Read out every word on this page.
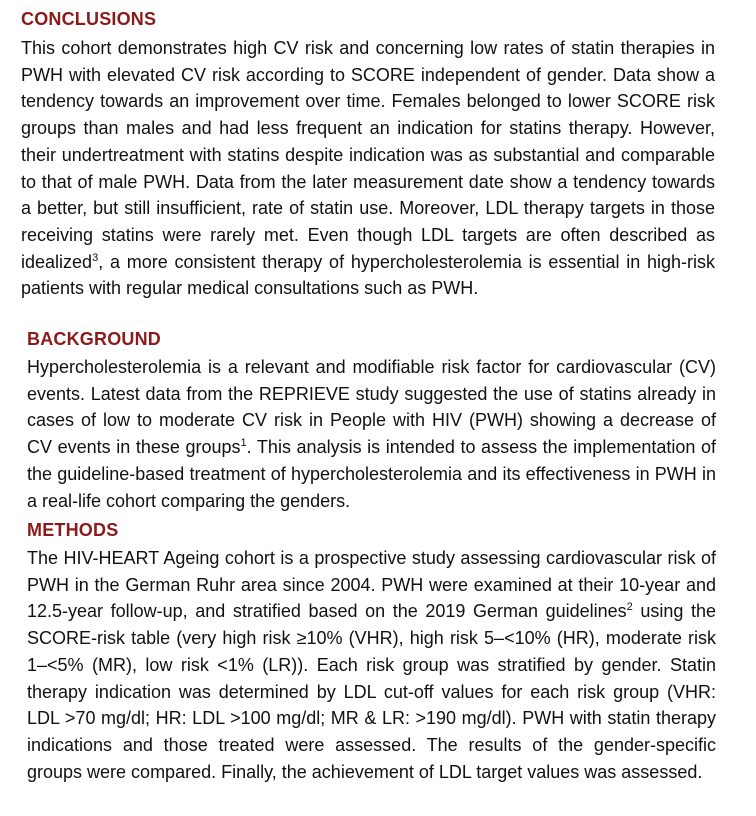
CONCLUSIONS

This cohort demonstrates high CV risk and concerning low rates of statin therapies in PWH with elevated CV risk according to SCORE independent of gender. Data show a tendency towards an improvement over time. Females belonged to lower SCORE risk groups than males and had less frequent an indication for statins therapy. However, their undertreatment with statins despite indication was as substantial and comparable to that of male PWH. Data from the later measurement date show a tendency towards a better, but still insufficient, rate of statin use. Moreover, LDL therapy targets in those receiving statins were rarely met. Even though LDL targets are often described as idealized$^3$, a more consistent therapy of hypercholesterolemia is essential in high-risk patients with regular medical consultations such as PWH.

BACKGROUND

Hypercholesterolemia is a relevant and modifiable risk factor for cardiovascular (CV) events. Latest data from the REPRIEVE study suggested the use of statins already in cases of low to moderate CV risk in People with HIV (PWH) showing a decrease of CV events in these groups$^1$. This analysis is intended to assess the implementation of the guideline-based treatment of hypercholesterolemia and its effectiveness in PWH in a real-life cohort comparing the genders.

METHODS

The HIV-HEART Ageing cohort is a prospective study assessing cardiovascular risk of PWH in the German Ruhr area since 2004. PWH were examined at their 10-year and 12.5-year follow-up, and stratified based on the 2019 German guidelines$^2$ using the SCORE-risk table (very high risk ≥10% (VHR), high risk 5–<10% (HR), moderate risk 1–<5% (MR), low risk <1% (LR)). Each risk group was stratified by gender. Statin therapy indication was determined by LDL cut-off values for each risk group (VHR: LDL >70 mg/dl; HR: LDL >100 mg/dl; MR & LR: >190 mg/dl). PWH with statin therapy indications and those treated were assessed. The results of the gender-specific groups were compared. Finally, the achievement of LDL target values was assessed.
